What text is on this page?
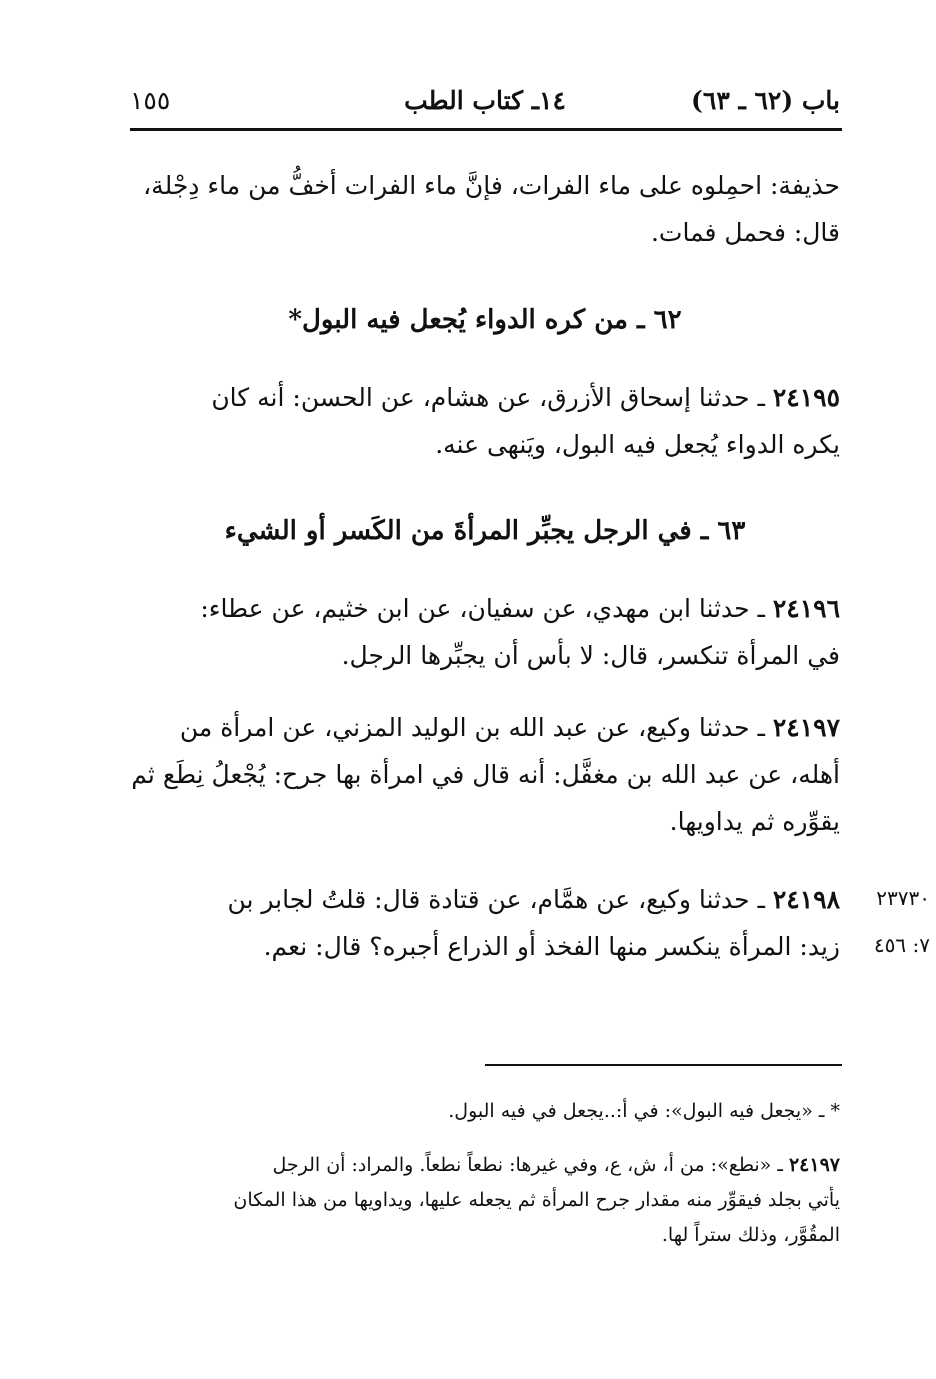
باب (٦٢ ـ ٦٣)
١٤ـ كتاب الطب
١٥٥
حذيفة: احمِلوه على ماء الفرات، فإنَّ ماء الفرات أخفُّ من ماء دِجْلة،
قال: فحمل فمات.
٦٢ ـ من كره الدواء يُجعل فيه البول*
٢٤١٩٥ ـ حدثنا إسحاق الأزرق، عن هشام، عن الحسن: أنه كان
يكره الدواء يُجعل فيه البول، ويَنهى عنه.
٦٣ ـ في الرجل يجبِّر المرأةَ من الكَسر أو الشيء
٢٤١٩٦ ـ حدثنا ابن مهدي، عن سفيان، عن ابن خثيم، عن عطاء:
في المرأة تنكسر، قال: لا بأس أن يجبِّرها الرجل.
٢٤١٩٧ ـ حدثنا وكيع، عن عبد الله بن الوليد المزني، عن امرأة من
أهله، عن عبد الله بن مغفَّل: أنه قال في امرأة بها جرح: يُجْعلُ نِطَع ثم
يقوِّره ثم يداويها.
٢٤١٩٨ ـ حدثنا وكيع، عن همَّام، عن قتادة قال: قلتُ لجابر بن
زيد: المرأة ينكسر منها الفخذ أو الذراع أجبره؟ قال: نعم.
٢٣٧٣٠
٧: ٤٥٦
* ـ «يجعل فيه البول»: في أ:..يجعل في فيه البول.
٢٤١٩٧ ـ «نطع»: من أ، ش، ع، وفي غيرها: نطعاً نطعاً. والمراد: أن الرجل
يأتي بجلد فيقوِّر منه مقدار جرح المرأة ثم يجعله عليها، ويداويها من هذا المكان
المقُوَّر، وذلك ستراً لها.
